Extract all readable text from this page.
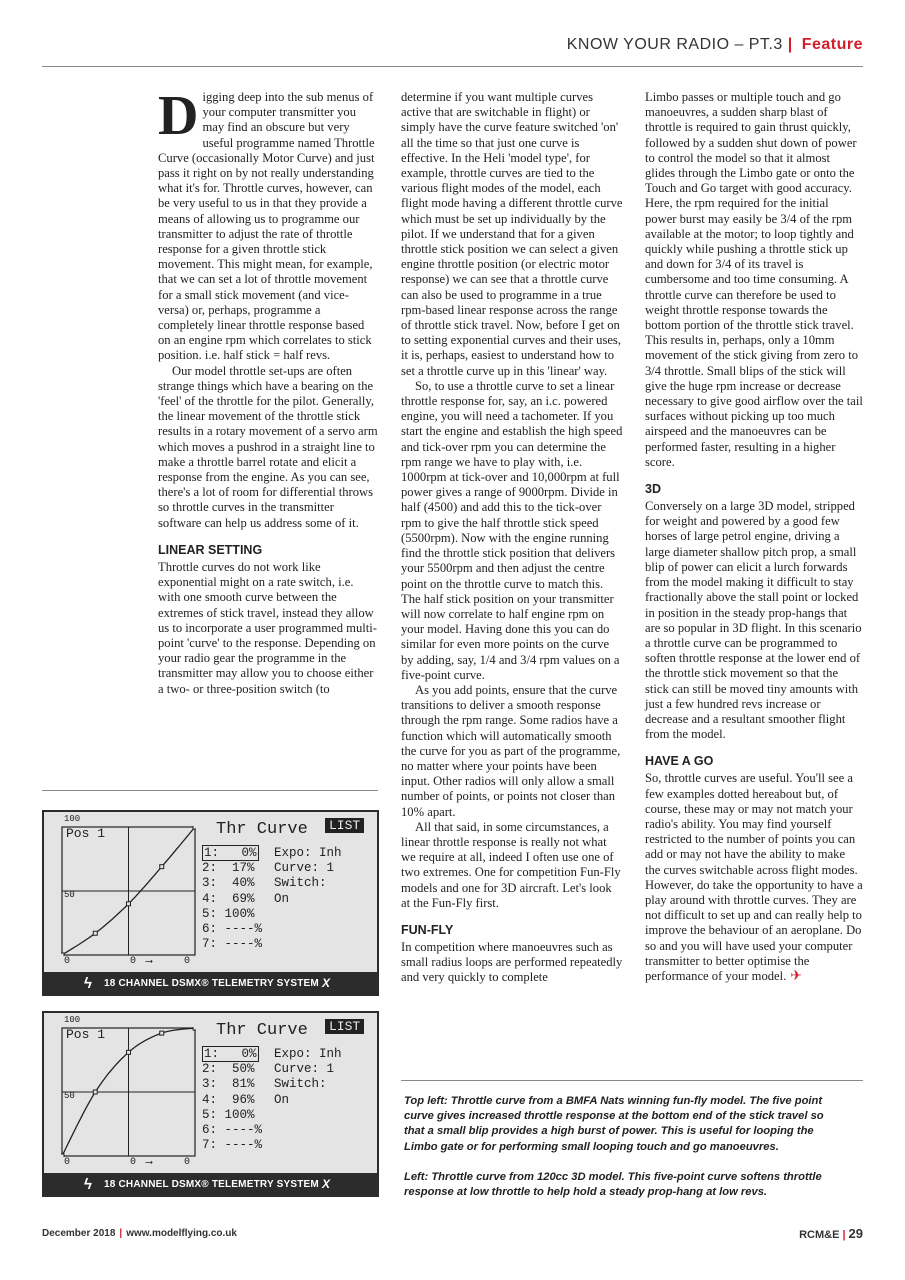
KNOW YOUR RADIO – PT.3 | Feature

Digging deep into the sub menus of your computer transmitter you may find an obscure but very useful programme named Throttle Curve (occasionally Motor Curve) and just pass it right on by not really understanding what it's for. Throttle curves, however, can be very useful to us in that they provide a means of allowing us to programme our transmitter to adjust the rate of throttle response for a given throttle stick movement. This might mean, for example, that we can set a lot of throttle movement for a small stick movement (and vice-versa) or, perhaps, programme a completely linear throttle response based on an engine rpm which correlates to stick position. i.e. half stick = half revs.

Our model throttle set-ups are often strange things which have a bearing on the 'feel' of the throttle for the pilot. Generally, the linear movement of the throttle stick results in a rotary movement of a servo arm which moves a pushrod in a straight line to make a throttle barrel rotate and elicit a response from the engine. As you can see, there's a lot of room for differential throws so throttle curves in the transmitter software can help us address some of it.

LINEAR SETTING

Throttle curves do not work like exponential might on a rate switch, i.e. with one smooth curve between the extremes of stick travel, instead they allow us to incorporate a user programmed multi-point 'curve' to the response. Depending on your radio gear the programme in the transmitter may allow you to choose either a two- or three-position switch (to

determine if you want multiple curves active that are switchable in flight) or simply have the curve feature switched 'on' all the time so that just one curve is effective. In the Heli 'model type', for example, throttle curves are tied to the various flight modes of the model, each flight mode having a different throttle curve which must be set up individually by the pilot. If we understand that for a given throttle stick position we can select a given engine throttle position (or electric motor response) we can see that a throttle curve can also be used to programme in a true rpm-based linear response across the range of throttle stick travel. Now, before I get on to setting exponential curves and their uses, it is, perhaps, easiest to understand how to set a throttle curve up in this 'linear' way.

So, to use a throttle curve to set a linear throttle response for, say, an i.c. powered engine, you will need a tachometer. If you start the engine and establish the high speed and tick-over rpm you can determine the rpm range we have to play with, i.e. 1000rpm at tick-over and 10,000rpm at full power gives a range of 9000rpm. Divide in half (4500) and add this to the tick-over rpm to give the half throttle stick speed (5500rpm). Now with the engine running find the throttle stick position that delivers your 5500rpm and then adjust the centre point on the throttle curve to match this. The half stick position on your transmitter will now correlate to half engine rpm on your model. Having done this you can do similar for even more points on the curve by adding, say, 1/4 and 3/4 rpm values on a five-point curve.

As you add points, ensure that the curve transitions to deliver a smooth response through the rpm range. Some radios have a function which will automatically smooth the curve for you as part of the programme, no matter where your points have been input. Other radios will only allow a small number of points, or points not closer than 10% apart.

All that said, in some circumstances, a linear throttle response is really not what we require at all, indeed I often use one of two extremes. One for competition Fun-Fly models and one for 3D aircraft. Let's look at the Fun-Fly first.

FUN-FLY

In competition where manoeuvres such as small radius loops are performed repeatedly and very quickly to complete

Limbo passes or multiple touch and go manoeuvres, a sudden sharp blast of throttle is required to gain thrust quickly, followed by a sudden shut down of power to control the model so that it almost glides through the Limbo gate or onto the Touch and Go target with good accuracy. Here, the rpm required for the initial power burst may easily be 3/4 of the rpm available at the motor; to loop tightly and quickly while pushing a throttle stick up and down for 3/4 of its travel is cumbersome and too time consuming. A throttle curve can therefore be used to weight throttle response towards the bottom portion of the throttle stick travel. This results in, perhaps, only a 10mm movement of the stick giving from zero to 3/4 throttle. Small blips of the stick will give the huge rpm increase or decrease necessary to give good airflow over the tail surfaces without picking up too much airspeed and the manoeuvres can be performed faster, resulting in a higher score.

3D

Conversely on a large 3D model, stripped for weight and powered by a good few horses of large petrol engine, driving a large diameter shallow pitch prop, a small blip of power can elicit a lurch forwards from the model making it difficult to stay fractionally above the stall point or locked in position in the steady prop-hangs that are so popular in 3D flight. In this scenario a throttle curve can be programmed to soften throttle response at the lower end of the throttle stick movement so that the stick can still be moved tiny amounts with just a few hundred revs increase or decrease and a resultant smoother flight from the model.

HAVE A GO

So, throttle curves are useful. You'll see a few examples dotted hereabout but, of course, these may or may not match your radio's ability. You may find yourself restricted to the number of points you can add or may not have the ability to make the curves switchable across flight modes. However, do take the opportunity to have a play around with throttle curves. They are not difficult to set up and can really help to improve the behaviour of an aeroplane. Do so and you will have used your computer transmitter to better optimise the performance of your model. ✈

100
50
Pos 1
0	0 ⟶	0
Thr Curve	LIST
1:   0%
2:  17%
3:  40%
4:  69%
5: 100%
6: ----%
7: ----%
Expo: Inh
Curve: 1
Switch:
On
ϟ 18 CHANNEL DSMX® TELEMETRY SYSTEM X
100
50
Pos 1
0	0 ⟶	0
Thr Curve	LIST
1:   0%
2:  50%
3:  81%
4:  96%
5: 100%
6: ----%
7: ----%
Expo: Inh
Curve: 1
Switch:
On
ϟ 18 CHANNEL DSMX® TELEMETRY SYSTEM X
Top left: Throttle curve from a BMFA Nats winning fun-fly model. The five point curve gives increased throttle response at the bottom end of the stick travel so that a small blip provides a high burst of power. This is useful for looping the Limbo gate or for performing small looping touch and go manoeuvres.
Left: Throttle curve from 120cc 3D model. This five-point curve softens throttle response at low throttle to help hold a steady prop-hang at low revs.
December 2018 | www.modelflying.co.uk	RCM&E | 29
